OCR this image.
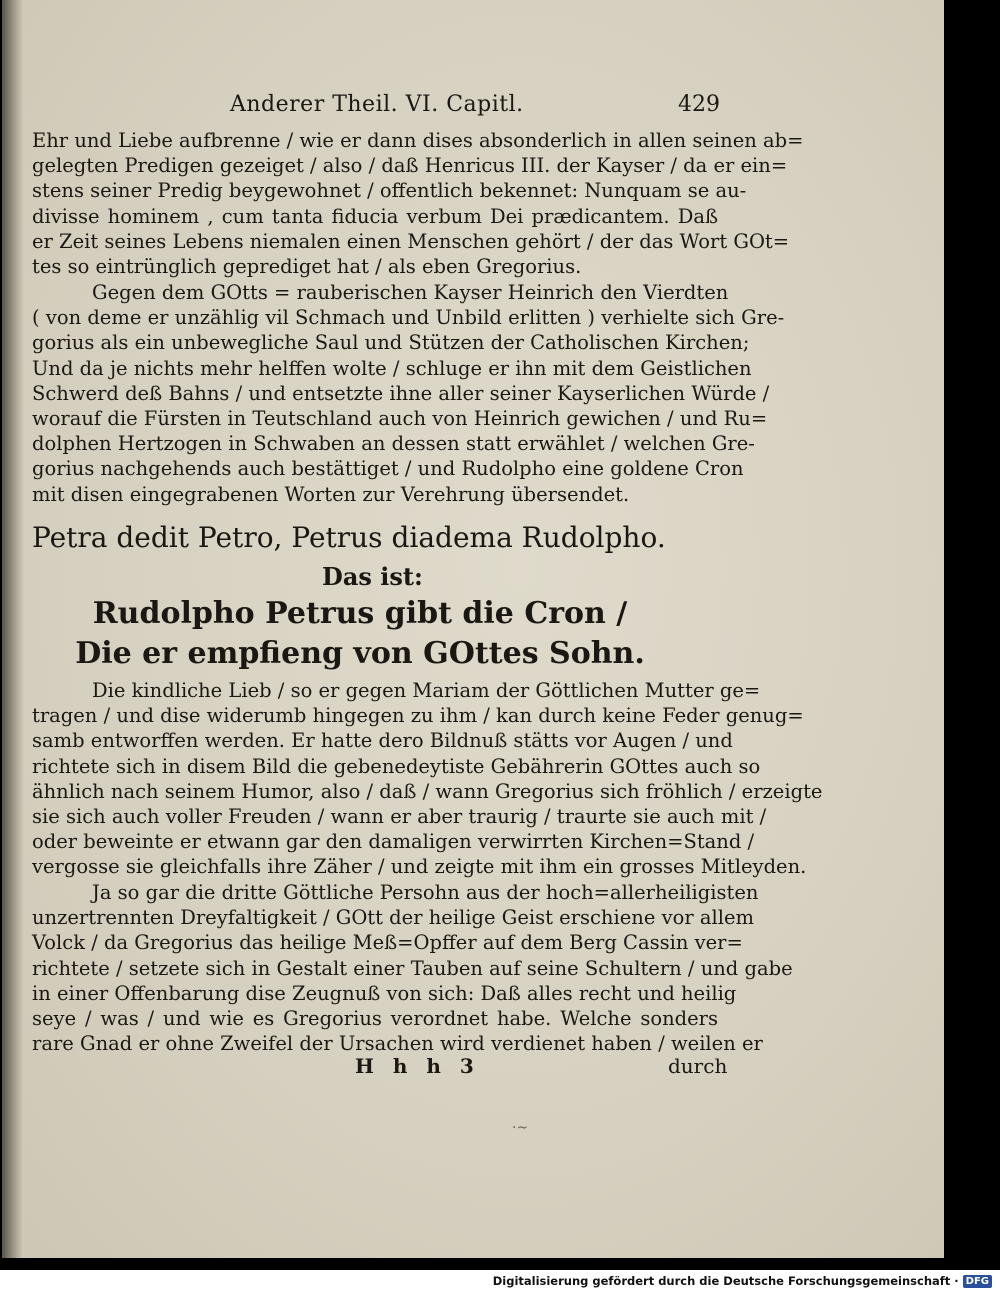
Anderer Theil. VI. Capitl.	429
Ehr und Liebe aufbrenne / wie er dann dises absonderlich in allen seinen ab=
gelegten Predigen gezeiget / also / daß Henricus III. der Kayser / da er ein=
stens seiner Predig beygewohnet / offentlich bekennet: Nunquam se au-
divisse hominem , cum tanta fiducia verbum Dei prædicantem. Daß
er Zeit seines Lebens niemalen einen Menschen gehört / der das Wort GOt=
tes so eintrünglich geprediget hat / als eben Gregorius.
Gegen dem GOtts = rauberischen Kayser Heinrich den Vierdten
( von deme er unzählig vil Schmach und Unbild erlitten ) verhielte sich Gre-
gorius als ein unbewegliche Saul und Stützen der Catholischen Kirchen;
Und da je nichts mehr helffen wolte / schluge er ihn mit dem Geistlichen
Schwerd deß Bahns / und entsetzte ihne aller seiner Kayserlichen Würde /
worauf die Fürsten in Teutschland auch von Heinrich gewichen / und Ru=
dolphen Hertzogen in Schwaben an dessen statt erwählet / welchen Gre-
gorius nachgehends auch bestättiget / und Rudolpho eine goldene Cron
mit disen eingegrabenen Worten zur Verehrung übersendet.
Petra dedit Petro, Petrus diadema Rudolpho.
Das ist:
Rudolpho Petrus gibt die Cron /
Die er empfieng von GOttes Sohn.
Die kindliche Lieb / so er gegen Mariam der Göttlichen Mutter ge=
tragen / und dise widerumb hingegen zu ihm / kan durch keine Feder genug=
samb entworffen werden. Er hatte dero Bildnuß stätts vor Augen / und
richtete sich in disem Bild die gebenedeytiste Gebährerin GOttes auch so
ähnlich nach seinem Humor, also / daß / wann Gregorius sich fröhlich / erzeigte
sie sich auch voller Freuden / wann er aber traurig / traurte sie auch mit /
oder beweinte er etwann gar den damaligen verwirrten Kirchen=Stand /
vergosse sie gleichfalls ihre Zäher / und zeigte mit ihm ein grosses Mitleyden.
Ja so gar die dritte Göttliche Persohn aus der hoch=allerheiligisten
unzertrennten Dreyfaltigkeit / GOtt der heilige Geist erschiene vor allem
Volck / da Gregorius das heilige Meß=Opffer auf dem Berg Cassin ver=
richtete / setzete sich in Gestalt einer Tauben auf seine Schultern / und gabe
in einer Offenbarung dise Zeugnuß von sich: Daß alles recht und heilig
seye / was / und wie es Gregorius verordnet habe. Welche sonders
rare Gnad er ohne Zweifel der Ursachen wird verdienet haben / weilen er
H h h 3	durch
·~
Digitalisierung gefördert durch die Deutsche Forschungsgemeinschaft · DFG
